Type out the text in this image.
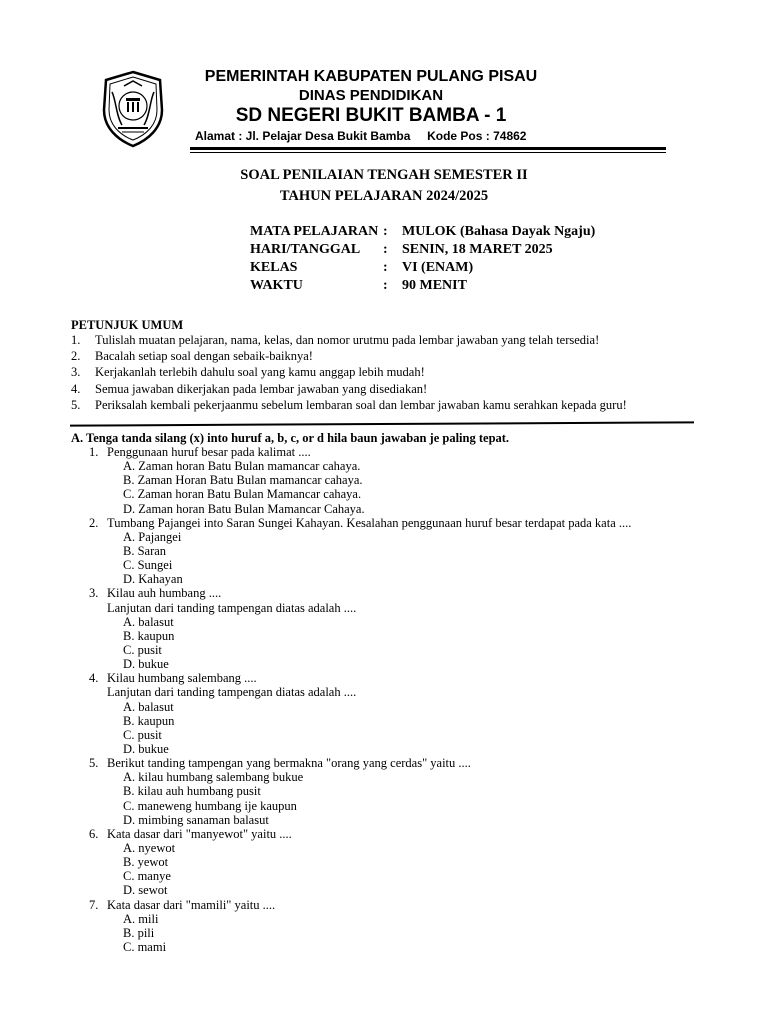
PEMERINTAH KABUPATEN PULANG PISAU
DINAS PENDIDIKAN
SD NEGERI BUKIT BAMBA - 1
Alamat : Jl. Pelajar Desa Bukit Bamba     Kode Pos : 74862
SOAL PENILAIAN TENGAH SEMESTER II
TAHUN PELAJARAN 2024/2025
MATA PELAJARAN : MULOK (Bahasa Dayak Ngaju)
HARI/TANGGAL : SENIN, 18 MARET 2025
KELAS	: VI (ENAM)
WAKTU	: 90 MENIT
PETUNJUK UMUM
1. Tulislah muatan pelajaran, nama, kelas, dan nomor urutmu pada lembar jawaban yang telah tersedia!
2. Bacalah setiap soal dengan sebaik-baiknya!
3. Kerjakanlah terlebih dahulu soal yang kamu anggap lebih mudah!
4. Semua jawaban dikerjakan pada lembar jawaban yang disediakan!
5. Periksalah kembali pekerjaanmu sebelum lembaran soal dan lembar jawaban kamu serahkan kepada guru!
A. Tenga tanda silang (x) into huruf a, b, c, or d hila baun jawaban je paling tepat.
1. Penggunaan huruf besar pada kalimat ....
A. Zaman horan Batu Bulan mamancar cahaya.
B. Zaman Horan Batu Bulan mamancar cahaya.
C. Zaman horan Batu Bulan Mamancar cahaya.
D. Zaman horan Batu Bulan Mamancar Cahaya.
2. Tumbang Pajangei into Saran Sungei Kahayan. Kesalahan penggunaan huruf besar terdapat pada kata ....
A. Pajangei
B. Saran
C. Sungei
D. Kahayan
3. Kilau auh humbang ....
Lanjutan dari tanding tampengan diatas adalah ....
A. balasut
B. kaupun
C. pusit
D. bukue
4. Kilau humbang salembang ....
Lanjutan dari tanding tampengan diatas adalah ....
A. balasut
B. kaupun
C. pusit
D. bukue
5. Berikut tanding tampengan yang bermakna "orang yang cerdas" yaitu ....
A. kilau humbang salembang bukue
B. kilau auh humbang pusit
C. maneweng humbang ije kaupun
D. mimbing sanaman balasut
6. Kata dasar dari "manyewot" yaitu ....
A. nyewot
B. yewot
C. manye
D. sewot
7. Kata dasar dari "mamili" yaitu ....
A. mili
B. pili
C. mami
